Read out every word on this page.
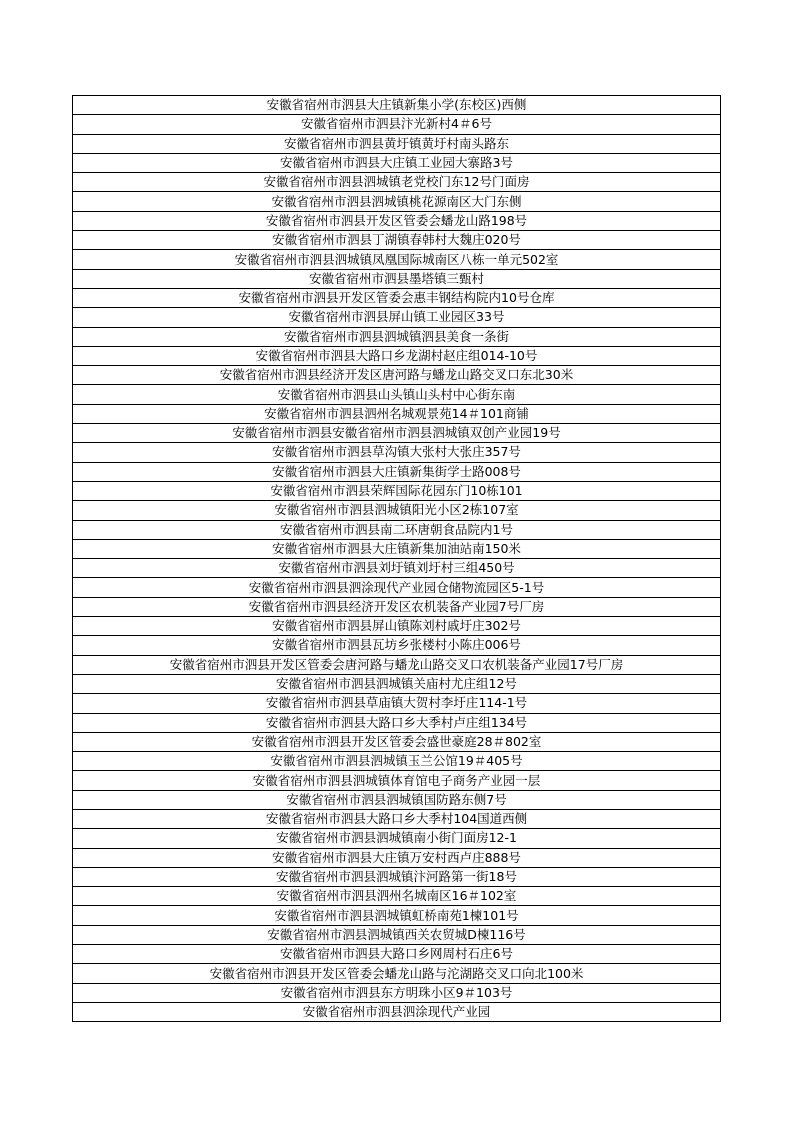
安徽省宿州市泗县大庄镇新集小学(东校区)西侧
安徽省宿州市泗县汴光新村4＃6号
安徽省宿州市泗县黄圩镇黄圩村南头路东
安徽省宿州市泗县大庄镇工业园大寨路3号
安徽省宿州市泗县泗城镇老党校门东12号门面房
安徽省宿州市泗县泗城镇桃花源南区大门东侧
安徽省宿州市泗县开发区管委会蟠龙山路198号
安徽省宿州市泗县丁湖镇春韩村大魏庄020号
安徽省宿州市泗县泗城镇凤凰国际城南区八栋一单元502室
安徽省宿州市泗县墨塔镇三甄村
安徽省宿州市泗县开发区管委会惠丰钢结构院内10号仓库
安徽省宿州市泗县屏山镇工业园区33号
安徽省宿州市泗县泗城镇泗县美食一条街
安徽省宿州市泗县大路口乡龙湖村赵庄组014-10号
安徽省宿州市泗县经济开发区唐河路与蟠龙山路交叉口东北30米
安徽省宿州市泗县山头镇山头村中心街东南
安徽省宿州市泗县泗州名城观景苑14＃101商铺
安徽省宿州市泗县安徽省宿州市泗县泗城镇双创产业园19号
安徽省宿州市泗县草沟镇大张村大张庄357号
安徽省宿州市泗县大庄镇新集街学士路008号
安徽省宿州市泗县荣辉国际花园东门10栋101
安徽省宿州市泗县泗城镇阳光小区2栋107室
安徽省宿州市泗县南二环唐朝食品院内1号
安徽省宿州市泗县大庄镇新集加油站南150米
安徽省宿州市泗县刘圩镇刘圩村三组450号
安徽省宿州市泗县泗涂现代产业园仓储物流园区5-1号
安徽省宿州市泗县经济开发区农机装备产业园7号厂房
安徽省宿州市泗县屏山镇陈刘村戚圩庄302号
安徽省宿州市泗县瓦坊乡张楼村小陈庄006号
安徽省宿州市泗县开发区管委会唐河路与蟠龙山路交叉口农机装备产业园17号厂房
安徽省宿州市泗县泗城镇关庙村尤庄组12号
安徽省宿州市泗县草庙镇大贺村李圩庄114-1号
安徽省宿州市泗县大路口乡大季村卢庄组134号
安徽省宿州市泗县开发区管委会盛世豪庭28＃802室
安徽省宿州市泗县泗城镇玉兰公馆19＃405号
安徽省宿州市泗县泗城镇体育馆电子商务产业园一层
安徽省宿州市泗县泗城镇国防路东侧7号
安徽省宿州市泗县大路口乡大季村104国道西侧
安徽省宿州市泗县泗城镇南小街门面房12-1
安徽省宿州市泗县大庄镇万安村西卢庄888号
安徽省宿州市泗县泗城镇汴河路第一街18号
安徽省宿州市泗县泗州名城南区16＃102室
安徽省宿州市泗县泗城镇虹桥南苑1楝101号
安徽省宿州市泗县泗城镇西关农贸城D楝116号
安徽省宿州市泗县大路口乡网周村石庄6号
安徽省宿州市泗县开发区管委会蟠龙山路与沱湖路交叉口向北100米
安徽省宿州市泗县东方明珠小区9＃103号
安徽省宿州市泗县泗涂现代产业园
